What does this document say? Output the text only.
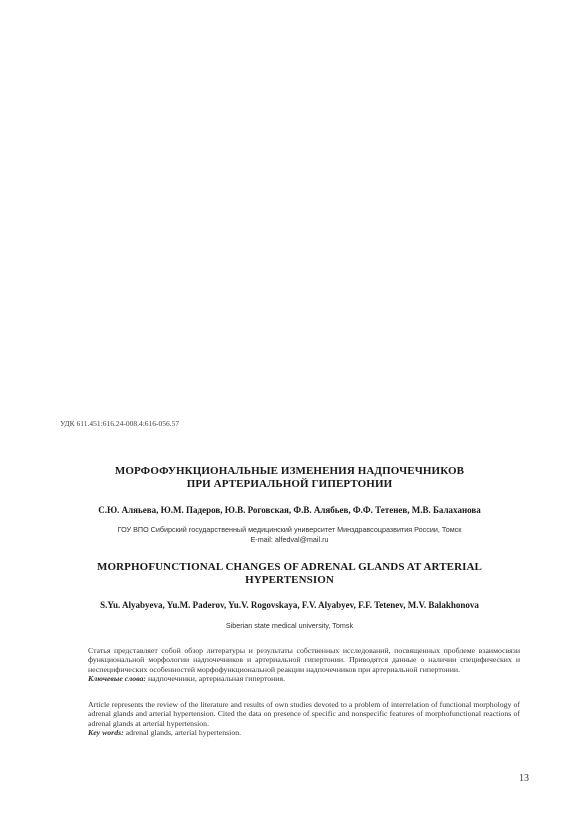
УДК 611.451:616.24-008.4:616-056.57
МОРФОФУНКЦИОНАЛЬНЫЕ ИЗМЕНЕНИЯ НАДПОЧЕЧНИКОВ
ПРИ АРТЕРИАЛЬНОЙ ГИПЕРТОНИИ
С.Ю. Аляьева, Ю.М. Падеров, Ю.В. Роговская, Ф.В. Алябьев, Ф.Ф. Тетенев, М.В. Балаханова
ГОУ ВПО Сибирский государственный медицинский университет Минздравсоцразвития России, Томск
E-mail: alfedval@mail.ru
MORPHOFUNCTIONAL CHANGES OF ADRENAL GLANDS AT ARTERIAL
HYPERTENSION
S.Yu. Alyabyeva, Yu.M. Paderov, Yu.V. Rogovskaya, F.V. Alyabyev, F.F. Tetenev, M.V. Balakhonova
Siberian state medical university, Tomsk

Статья представляет собой обзор литературы и результаты собственных исследований, посвященных проблеме взаимосвязи функциональной морфологии надпочечников и артериальной гипертонии. Приводятся данные о наличии специфических и неспецифических особенностей морфофункциональной реакции надпочечников при артериальной гипертонии.

Ключевые слова: надпочечники, артериальная гипертония.

Article represents the review of the literature and results of own studies devoted to a problem of interrelation of functional morphology of adrenal glands and arterial hypertension. Cited the data on presence of specific and nonspecific features of morphofunctional reactions of adrenal glands at arterial hypertension.

Key words: adrenal glands, arterial hypertension.

13
